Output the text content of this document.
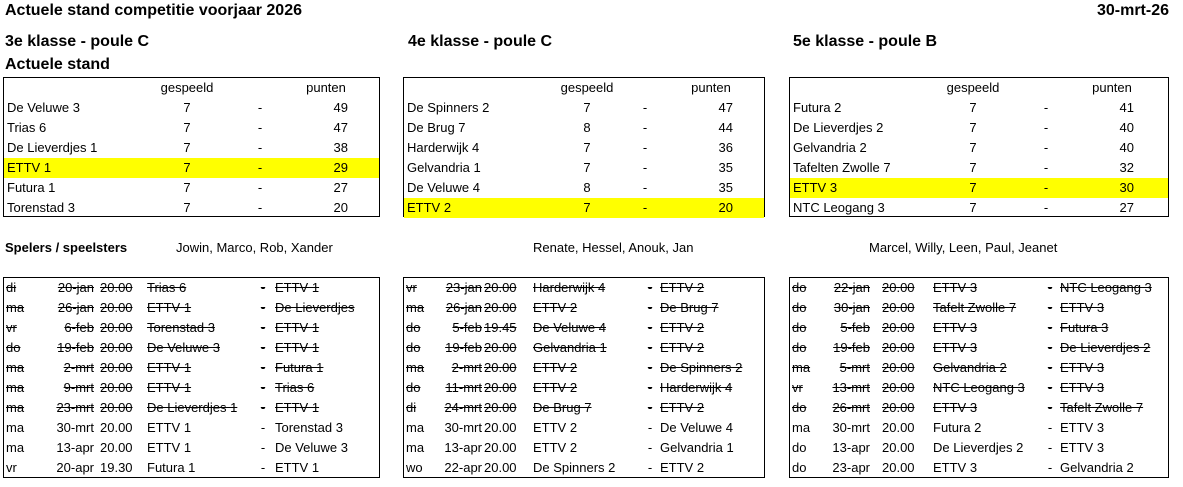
Actuele stand competitie voorjaar 2026	30-mrt-26
Actuele stand
Spelers / speelsters
3e klasse - poule C
gespeeld	punten
De Veluwe 3	7	-	49
Trias 6	7	-	47
De Lieverdjes 1	7	-	38
ETTV 1	7	-	29
Futura 1	7	-	27
Torenstad 3	7	-	20
Jowin, Marco, Rob, Xander
di	20-jan 20.00	Trias 6	- ETTV 1
ma	26-jan 20.00	ETTV 1	- De Lieverdjes
vr	6-feb 20.00	Torenstad 3	- ETTV 1
do	19-feb 20.00	De Veluwe 3	- ETTV 1
ma	2-mrt 20.00	ETTV 1	- Futura 1
ma	9-mrt 20.00	ETTV 1	- Trias 6
ma	23-mrt 20.00	De Lieverdjes 1	- ETTV 1
ma	30-mrt 20.00	ETTV 1	- Torenstad 3
ma	13-apr 20.00	ETTV 1	- De Veluwe 3
vr	20-apr 19.30	Futura 1	- ETTV 1
4e klasse - poule C
gespeeld	punten
De Spinners 2	7	-	47
De Brug 7	8	-	44
Harderwijk 4	7	-	36
Gelvandria 1	7	-	35
De Veluwe 4	8	-	35
ETTV 2	7	-	20
Renate, Hessel, Anouk, Jan
vr	23-jan 20.00	Harderwijk 4	- ETTV 2
ma	26-jan 20.00	ETTV 2	- De Brug 7
do	5-feb 19.45	De Veluwe 4	- ETTV 2
do	19-feb 20.00	Gelvandria 1	- ETTV 2
ma	2-mrt 20.00	ETTV 2	- De Spinners 2
do	11-mrt 20.00	ETTV 2	- Harderwijk 4
di	24-mrt 20.00	De Brug 7	- ETTV 2
ma	30-mrt 20.00	ETTV 2	- De Veluwe 4
ma	13-apr 20.00	ETTV 2	- Gelvandria 1
wo	22-apr 20.00	De Spinners 2	- ETTV 2
5e klasse - poule B
gespeeld	punten
Futura 2	7	-	41
De Lieverdjes 2	7	-	40
Gelvandria 2	7	-	40
Tafelten Zwolle 7	7	-	32
ETTV 3	7	-	30
NTC Leogang 3	7	-	27
Marcel, Willy, Leen, Paul, Jeanet
do	22-jan 20.00	ETTV 3	- NTC Leogang 3
do	30-jan 20.00	Tafelt Zwolle 7	- ETTV 3
do	5-feb 20.00	ETTV 3	- Futura 3
do	19-feb 20.00	ETTV 3	- De Lieverdjes 2
ma	5-mrt 20.00	Gelvandria 2	- ETTV 3
vr	13-mrt 20.00	NTC Leogang 3	- ETTV 3
do	26-mrt 20.00	ETTV 3	- Tafelt Zwolle 7
ma	30-mrt 20.00	Futura 2	- ETTV 3
do	13-apr 20.00	De Lieverdjes 2	- ETTV 3
do	23-apr 20.00	ETTV 3	- Gelvandria 2
